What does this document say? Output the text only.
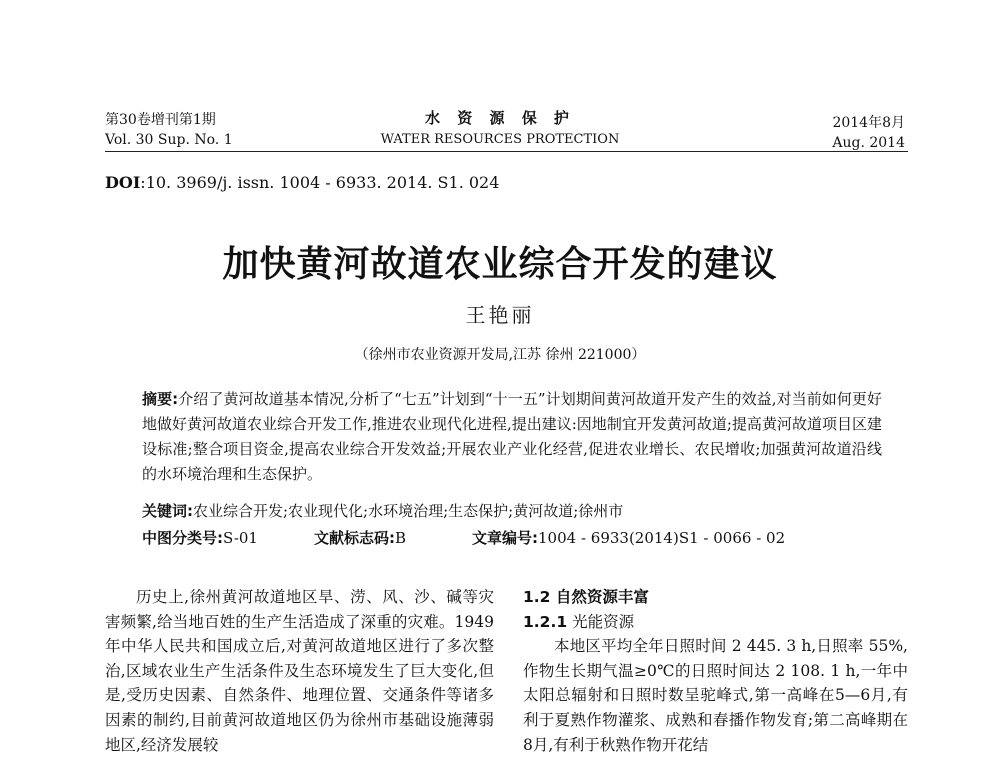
第30卷增刊第1期
Vol. 30 Sup. No. 1
水 资 源 保 护
WATER RESOURCES PROTECTION
2014年8月
Aug. 2014
DOI:10. 3969/j. issn. 1004 - 6933. 2014. S1. 024
加快黄河故道农业综合开发的建议
王艳丽
（徐州市农业资源开发局,江苏 徐州 221000）
摘要:介绍了黄河故道基本情况,分析了“七五”计划到“十一五”计划期间黄河故道开发产生的效益,对当前如何更好地做好黄河故道农业综合开发工作,推进农业现代化进程,提出建议:因地制宜开发黄河故道;提高黄河故道项目区建设标准;整合项目资金,提高农业综合开发效益;开展农业产业化经营,促进农业增长、农民增收;加强黄河故道沿线的水环境治理和生态保护。
关键词:农业综合开发;农业现代化;水环境治理;生态保护;黄河故道;徐州市
中图分类号:S-01	文献标志码:B	文章编号:1004 - 6933(2014)S1 - 0066 - 02

历史上,徐州黄河故道地区旱、涝、风、沙、碱等灾害频繁,给当地百姓的生产生活造成了深重的灾难。1949年中华人民共和国成立后,对黄河故道地区进行了多次整治,区域农业生产生活条件及生态环境发生了巨大变化,但是,受历史因素、自然条件、地理位置、交通条件等诸多因素的制约,目前黄河故道地区仍为徐州市基础设施薄弱地区,经济发展较

1.2 自然资源丰富

1.2.1 光能资源

本地区平均全年日照时间 2 445. 3 h,日照率 55%,作物生长期气温≥0℃的日照时间达 2 108. 1 h,一年中太阳总辐射和日照时数呈驼峰式,第一高峰在5—6月,有利于夏熟作物灌浆、成熟和春播作物发育;第二高峰期在8月,有利于秋熟作物开花结
